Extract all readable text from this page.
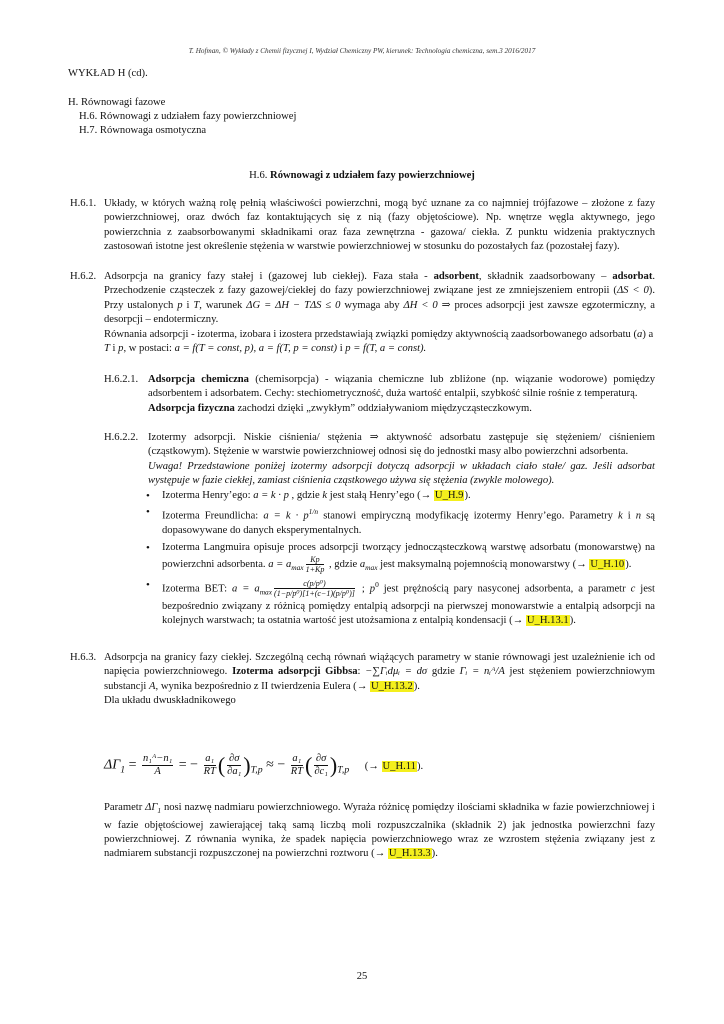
T. Hofman, © Wykłady z Chemii fizycznej I, Wydział Chemiczny PW, kierunek: Technologia chemiczna, sem.3 2016/2017
WYKŁAD H (cd).
H. Równowagi fazowe
H.6. Równowagi z udziałem fazy powierzchniowej
H.7. Równowaga osmotyczna
H.6. Równowagi z udziałem fazy powierzchniowej
H.6.1. Układy, w których ważną rolę pełnią właściwości powierzchni, mogą być uznane za co najmniej trójfazowe – złożone z fazy powierzchniowej, oraz dwóch faz kontaktujących się z nią (fazy objętościowe). Np. wnętrze węgla aktywnego, jego powierzchnia z zaabsorbowanymi składnikami oraz faza zewnętrzna - gazowa/ ciekła. Z punktu widzenia praktycznych zastosowań istotne jest określenie stężenia w warstwie powierzchniowej w stosunku do pozostałych faz (pozostałej fazy).
H.6.2. Adsorpcja na granicy fazy stałej i (gazowej lub ciekłej). Faza stała - adsorbent, składnik zaadsorbowany – adsorbat. Przechodzenie cząsteczek z fazy gazowej/ciekłej do fazy powierzchniowej związane jest ze zmniejszeniem entropii (ΔS < 0). Przy ustalonych p i T, warunek ΔG = ΔH − TΔS ≤ 0 wymaga aby ΔH < 0 ⇒ proces adsorpcji jest zawsze egzotermiczny, a desorpcji – endotermiczny.
Równania adsorpcji - izoterma, izobara i izostera przedstawiają związki pomiędzy aktywnością zaadsorbowanego adsorbatu (a) a T i p, w postaci: a = f(T = const, p), a = f(T, p = const) i p = f(T, a = const).
H.6.2.1. Adsorpcja chemiczna (chemisorpcja) - wiązania chemiczne lub zbliżone (np. wiązanie wodorowe) pomiędzy adsorbentem i adsorbatem. Cechy: stechiometryczność, duża wartość entalpii, szybkość silnie rośnie z temperaturą.
Adsorpcja fizyczna zachodzi dzięki „zwykłym” oddziaływaniom międzycząsteczkowym.
H.6.2.2. Izotermy adsorpcji. Niskie ciśnienia/ stężenia ⇒ aktywność adsorbatu zastępuje się stężeniem/ ciśnieniem (cząstkowym). Stężenie w warstwie powierzchniowej odnosi się do jednostki masy albo powierzchni adsorbenta.
Uwaga! Przedstawione poniżej izotermy adsorpcji dotyczą adsorpcji w układach ciało stałe/ gaz. Jeśli adsorbat występuje w fazie ciekłej, zamiast ciśnienia cząstkowego używa się stężenia (zwykle molowego).
• Izoterma Henry’ego: a = k · p , gdzie k jest stałą Henry’ego (→ U_H.9).
• Izoterma Freundlicha: $a = k \cdot p^{1/n}$ stanowi empiryczną modyfikację izotermy Henry’ego. Parametry k i n są dopasowywane do danych eksperymentalnych.
• Izoterma Langmuira opisuje proces adsorpcji tworzący jednocząsteczkową warstwę adsorbatu (monowarstwę) na powierzchni adsorbenta. $a = a_{max} \frac{Kp}{1+Kp}$ , gdzie $a_{max}$ jest maksymalną pojemnością monowarstwy (→ U_H.10).
• Izoterma BET: $a = a_{max} \frac{\text{c(p/p⁰)}}{\text{(1−p/p⁰)[1+(c−1)(p/p⁰)]}}$ ; $p^0$ jest prężnością pary nasyconej adsorbenta, a parametr c jest bezpośrednio związany z różnicą pomiędzy entalpią adsorpcji na pierwszej monowarstwie a entalpią adsorpcji na kolejnych warstwach; ta ostatnia wartość jest utożsamiona z entalpią kondensacji (→ U_H.13.1).
H.6.3. Adsorpcja na granicy fazy ciekłej. Szczególną cechą równań wiążących parametry w stanie równowagi jest uzależnienie ich od napięcia powierzchniowego. Izoterma adsorpcji Gibbsa: −∑Γᵢdμᵢ = dσ gdzie Γᵢ = nᵢᴬ/A jest stężeniem powierzchniowym substancji A, wynika bezpośrednio z II twierdzenia Eulera (→ U_H.13.2).
Dla układu dwuskładnikowego
$\Delta\Gamma_1 = \frac{\text{n₁ᴬ−n₁}}{A}$ = − $\frac{\text{a₁}}{RT}$ ( $\frac{\partial\sigma}{\text{∂a₁}} )_{T,p}$ ≈ − $\frac{\text{a₁}}{RT}$ ( $\frac{\partial\sigma}{\text{∂c₁}} )_{T,p}$ (→ U_H.11).
Parametr $\Delta\Gamma_1$ nosi nazwę nadmiaru powierzchniowego. Wyraża różnicę pomiędzy ilościami składnika w fazie powierzchniowej i w fazie objętościowej zawierającej taką samą liczbą moli rozpuszczalnika (składnik 2) jak jednostka powierzchni fazy powierzchniowej. Z równania wynika, że spadek napięcia powierzchniowego wraz ze wzrostem stężenia związany jest z nadmiarem substancji rozpuszczonej na powierzchni roztworu (→ U_H.13.3).
25
